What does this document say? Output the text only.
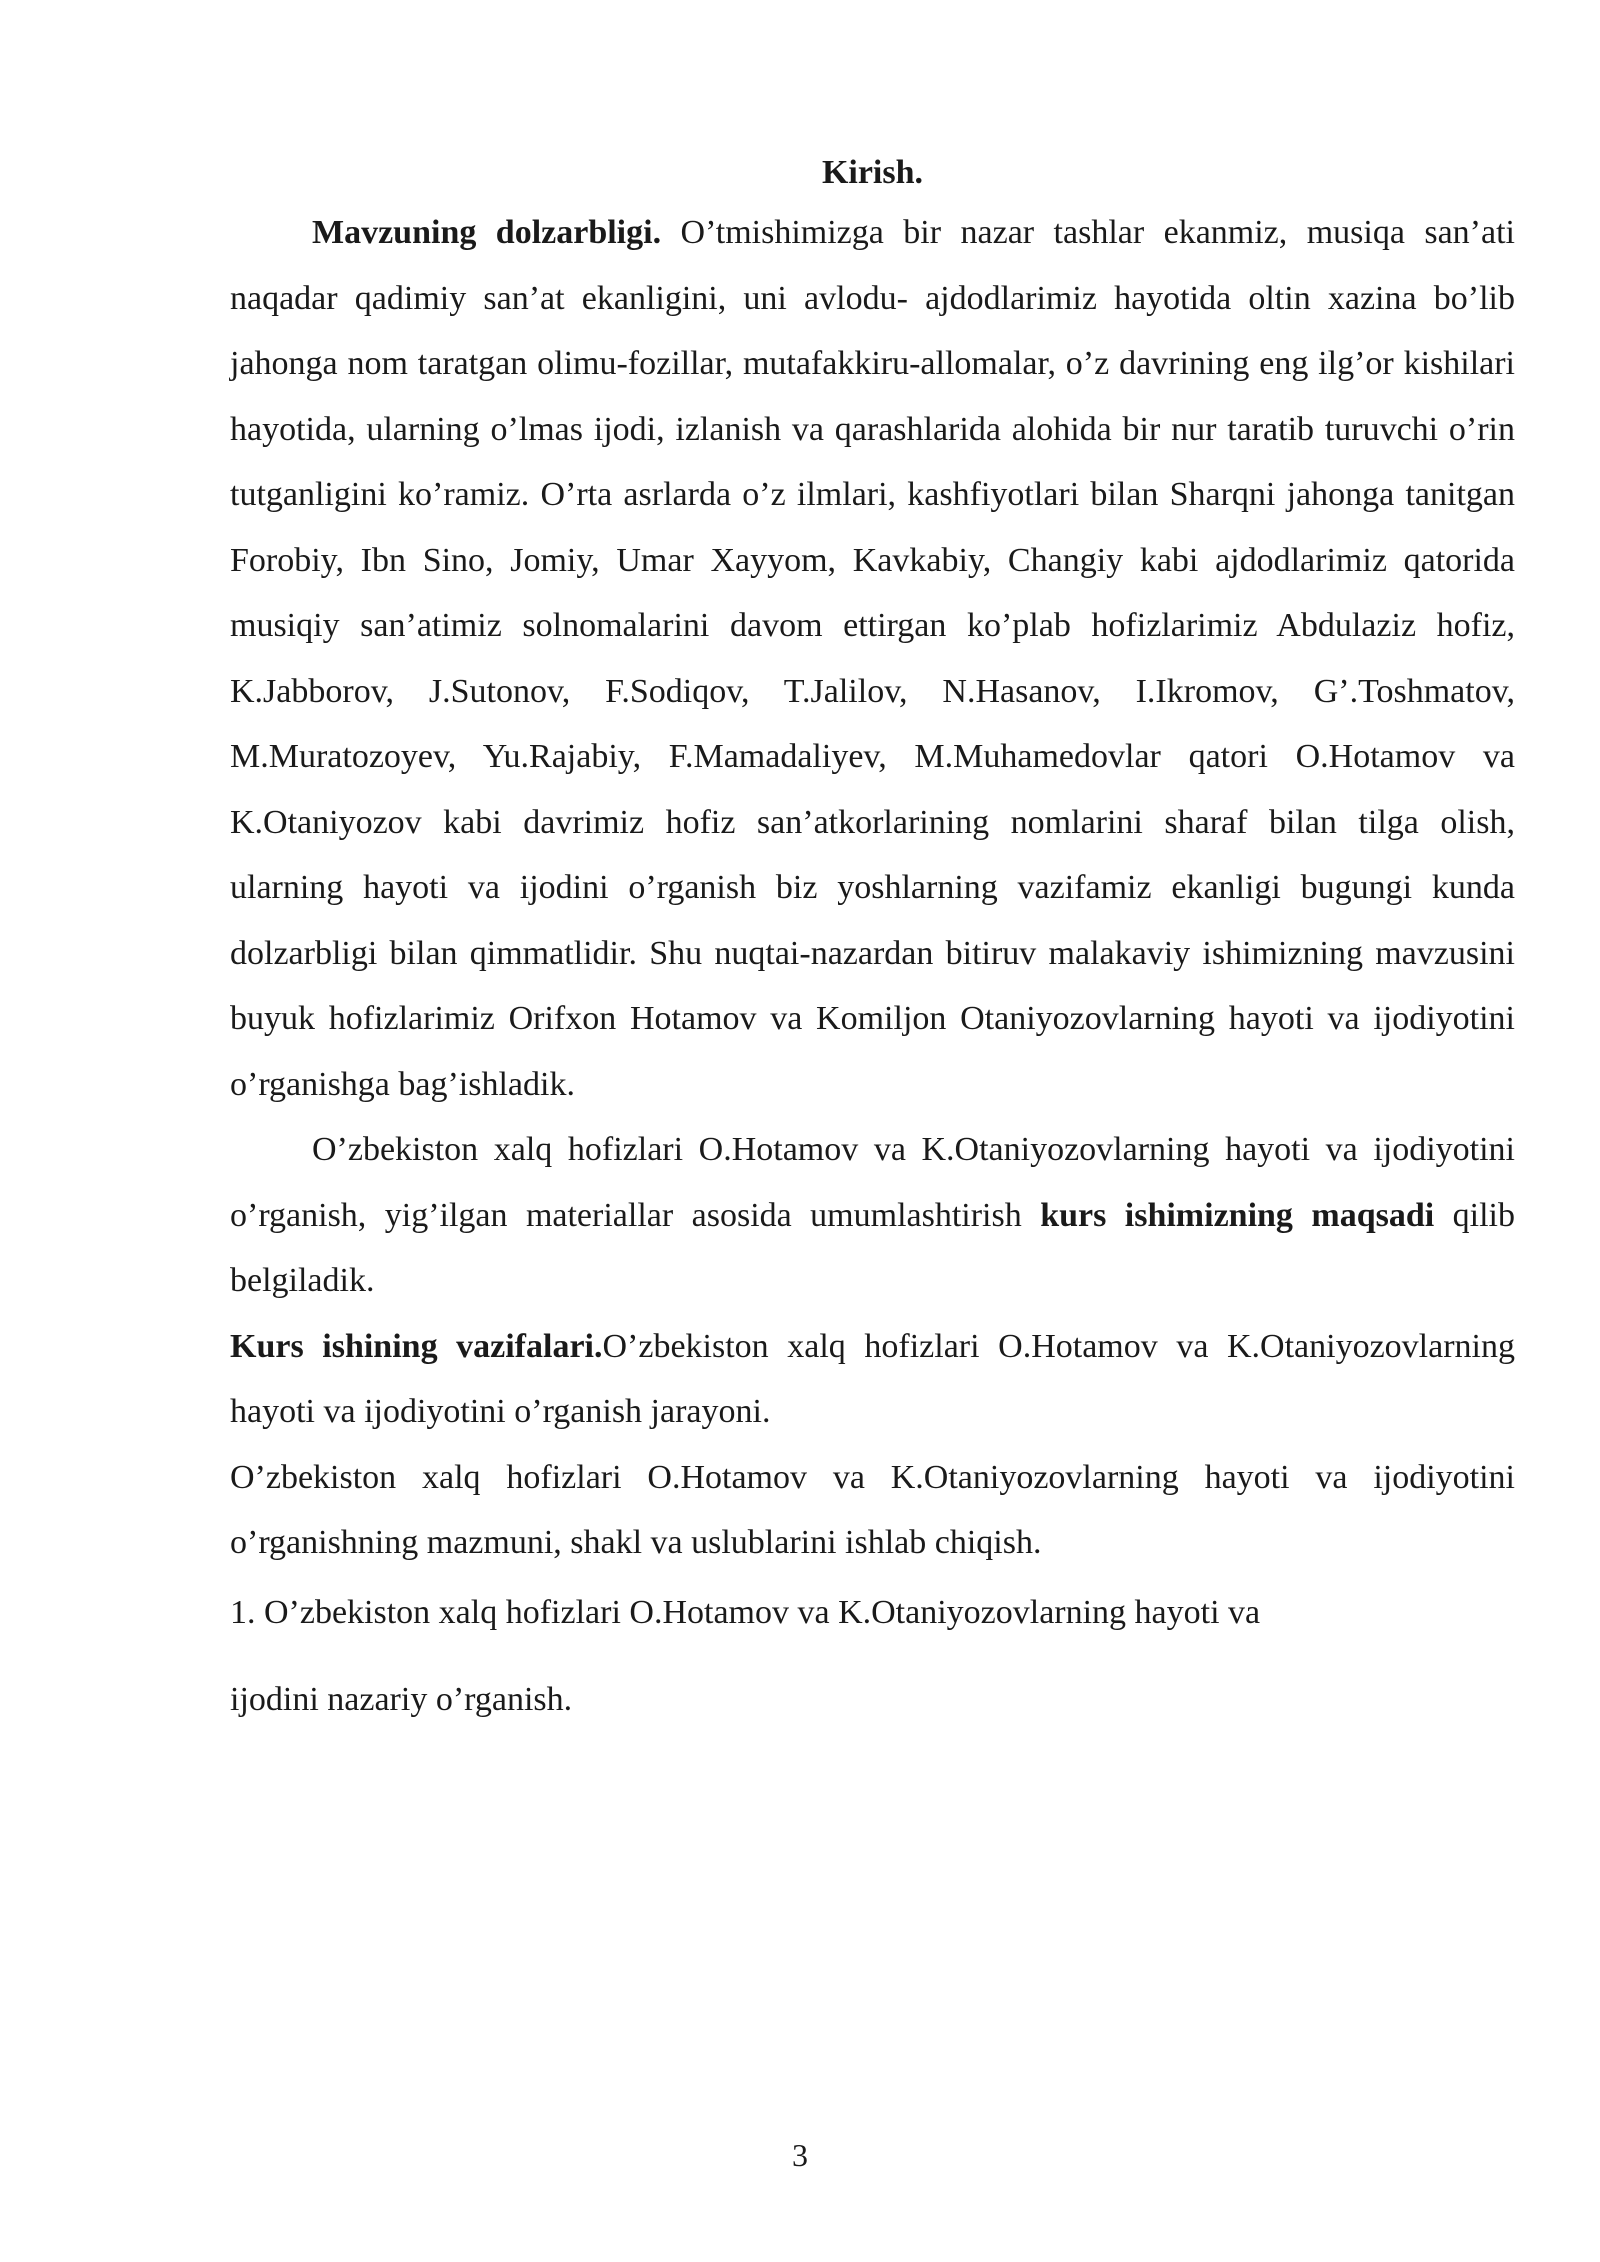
Kirish.

Mavzuning dolzarbligi. O’tmishimizga bir nazar tashlar ekanmiz, musiqa san’ati naqadar qadimiy san’at ekanligini, uni avlodu- ajdodlarimiz hayotida oltin xazina bo’lib jahonga nom taratgan olimu-fozillar, mutafakkiru-allomalar, o’z davrining eng ilg’or kishilari hayotida, ularning o’lmas ijodi, izlanish va qarashlarida alohida bir nur taratib turuvchi o’rin tutganligini ko’ramiz. O’rta asrlarda o’z ilmlari, kashfiyotlari bilan Sharqni jahonga tanitgan Forobiy, Ibn Sino, Jomiy, Umar Xayyom, Kavkabiy, Changiy kabi ajdodlarimiz qatorida musiqiy san’atimiz solnomalarini davom ettirgan ko’plab hofizlarimiz Abdulaziz hofiz, K.Jabborov, J.Sutonov, F.Sodiqov, T.Jalilov, N.Hasanov, I.Ikromov, G’.Toshmatov, M.Muratozoyev, Yu.Rajabiy, F.Mamadaliyev, M.Muhamedovlar qatori O.Hotamov va K.Otaniyozov kabi davrimiz hofiz san’atkorlarining nomlarini sharaf bilan tilga olish, ularning hayoti va ijodini o’rganish biz yoshlarning vazifamiz ekanligi bugungi kunda dolzarbligi bilan qimmatlidir. Shu nuqtai-nazardan bitiruv malakaviy ishimizning mavzusini buyuk hofizlarimiz Orifxon Hotamov va Komiljon Otaniyozovlarning hayoti va ijodiyotini o’rganishga bag’ishladik.

O’zbekiston xalq hofizlari O.Hotamov va K.Otaniyozovlarning hayoti va ijodiyotini o’rganish, yig’ilgan materiallar asosida umumlashtirish kurs ishimizning maqsadi qilib belgiladik.

Kurs ishining vazifalari.O’zbekiston xalq hofizlari O.Hotamov va K.Otaniyozovlarning hayoti va ijodiyotini o’rganish jarayoni.

O’zbekiston xalq hofizlari O.Hotamov va K.Otaniyozovlarning hayoti va ijodiyotini o’rganishning mazmuni, shakl va uslublarini ishlab chiqish.

1. O’zbekiston xalq hofizlari O.Hotamov va K.Otaniyozovlarning hayoti va

ijodini nazariy o’rganish.

3
